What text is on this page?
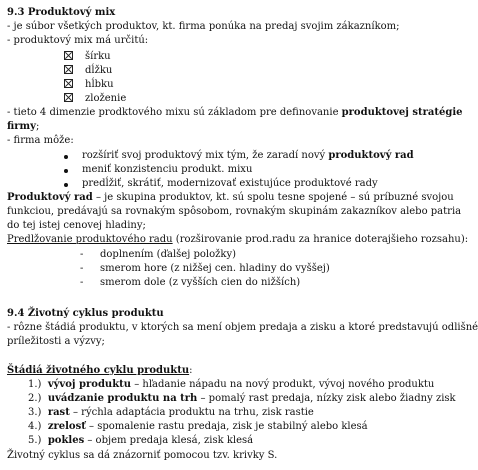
9.3 Produktový mix
- je súbor všetkých produktov, kt. firma ponúka na predaj svojim zákazníkom;
- produktový mix má určitú:
šírku
dĺžku
hĺbku
zloženie
- tieto 4 dimenzie prodktového mixu sú základom pre definovanie produktovej stratégie
firmy;
- firma môže:
rozšíriť svoj produktový mix tým, že zaradí nový produktový rad
meniť konzistenciu produkt. mixu
predĺžiť, skrátiť, modernizovať existujúce produktové rady
Produktový rad – je skupina produktov, kt. sú spolu tesne spojené – sú príbuzné svojou
funkciou, predávajú sa rovnakým spôsobom, rovnakým skupinám zakazníkov alebo patria
do tej istej cenovej hladiny;
Predlžovanie produktového radu (rozširovanie prod.radu za hranice doterajšieho rozsahu):
- doplnením (ďalšej položky)
- smerom hore (z nižšej cen. hladiny do vyššej)
- smerom dole (z vyšších cien do nižších)
9.4 Životný cyklus produktu
- rôzne štádiá produktu, v ktorých sa mení objem predaja a zisku a ktoré predstavujú odlišné
príležitosti a výzvy;
Štádiá životného cyklu produktu:
1.) vývoj produktu – hľadanie nápadu na nový produkt, vývoj nového produktu
2.) uvádzanie produktu na trh – pomalý rast predaja, nízky zisk alebo žiadny zisk
3.) rast – rýchla adaptácia produktu na trhu, zisk rastie
4.) zrelosť – spomalenie rastu predaja, zisk je stabilný alebo klesá
5.) pokles – objem predaja klesá, zisk klesá
Životný cyklus sa dá znázorniť pomocou tzv. krivky S.
